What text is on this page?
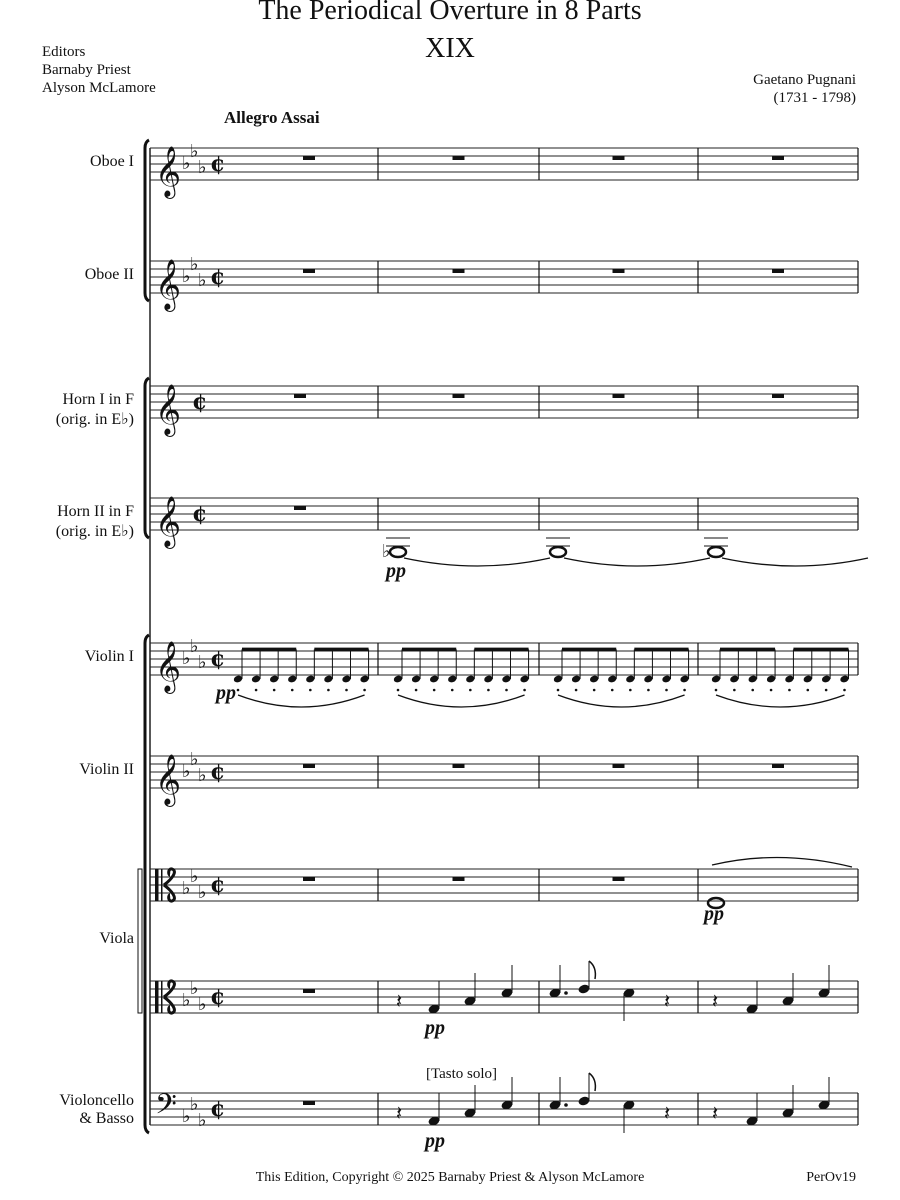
The Periodical Overture in 8 Parts
XIX
Editors
Barnaby Priest
Alyson McLamore	Gaetano Pugnani
(1731 - 1798)
Allegro Assai
Oboe I
Oboe II
Horn I in F
(orig. in E♭)
Horn II in F
(orig. in E♭)
Violin I
Violin II
Viola
Violoncello
& Basso
pp
pp
pp
pp
pp
[Tasto solo]
This Edition, Copyright © 2025 Barnaby Priest & Alyson McLamore	PerOv19
𝄞 ♭
♭
♭ ¢
𝄞 ♭
♭
♭ ¢
𝄞 ¢
𝄞 ¢
𝄞 ♭
♭
♭ ¢
𝄞 ♭
♭
♭ ¢
♭
♭
♭ ¢
♭
♭
♭ ¢
𝄢 ♭
♭
♭ ¢
♭
𝄽	𝄽 𝄽
𝄽	𝄽 𝄽
